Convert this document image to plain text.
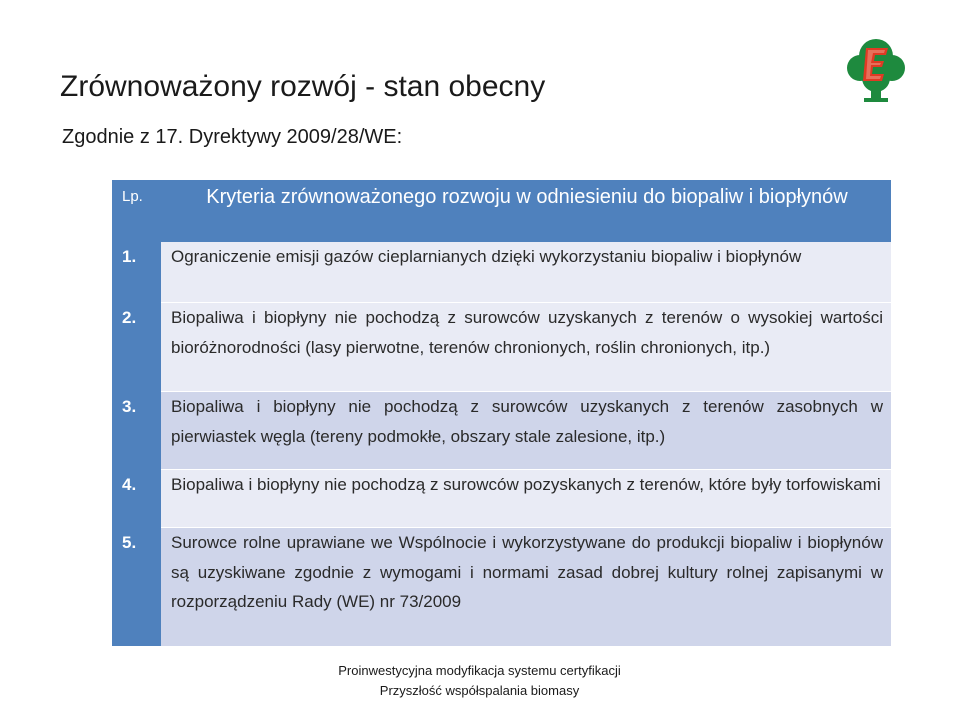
Zrównoważony rozwój - stan obecny
Zgodnie z 17. Dyrektywy 2009/28/WE:
Lp.	Kryteria zrównoważonego rozwoju w odniesieniu do biopaliw i biopłynów
1.	Ograniczenie emisji gazów cieplarnianych dzięki wykorzystaniu biopaliw i biopłynów
2.	Biopaliwa i biopłyny nie pochodzą z surowców uzyskanych z terenów o wysokiej wartości bioróżnorodności (lasy pierwotne, terenów chronionych, roślin chronionych, itp.)
3.	Biopaliwa i biopłyny nie pochodzą z surowców uzyskanych z terenów zasobnych w pierwiastek węgla (tereny podmokłe, obszary stale zalesione, itp.)
4.	Biopaliwa i biopłyny nie pochodzą z surowców pozyskanych z terenów, które były torfowiskami
5.	Surowce rolne uprawiane we Wspólnocie i wykorzystywane do produkcji biopaliw i biopłynów są uzyskiwane zgodnie z wymogami i normami zasad dobrej kultury rolnej zapisanymi w rozporządzeniu Rady (WE) nr 73/2009
Proinwestycyjna modyfikacja systemu certyfikacji
Przyszłość współspalania biomasy
